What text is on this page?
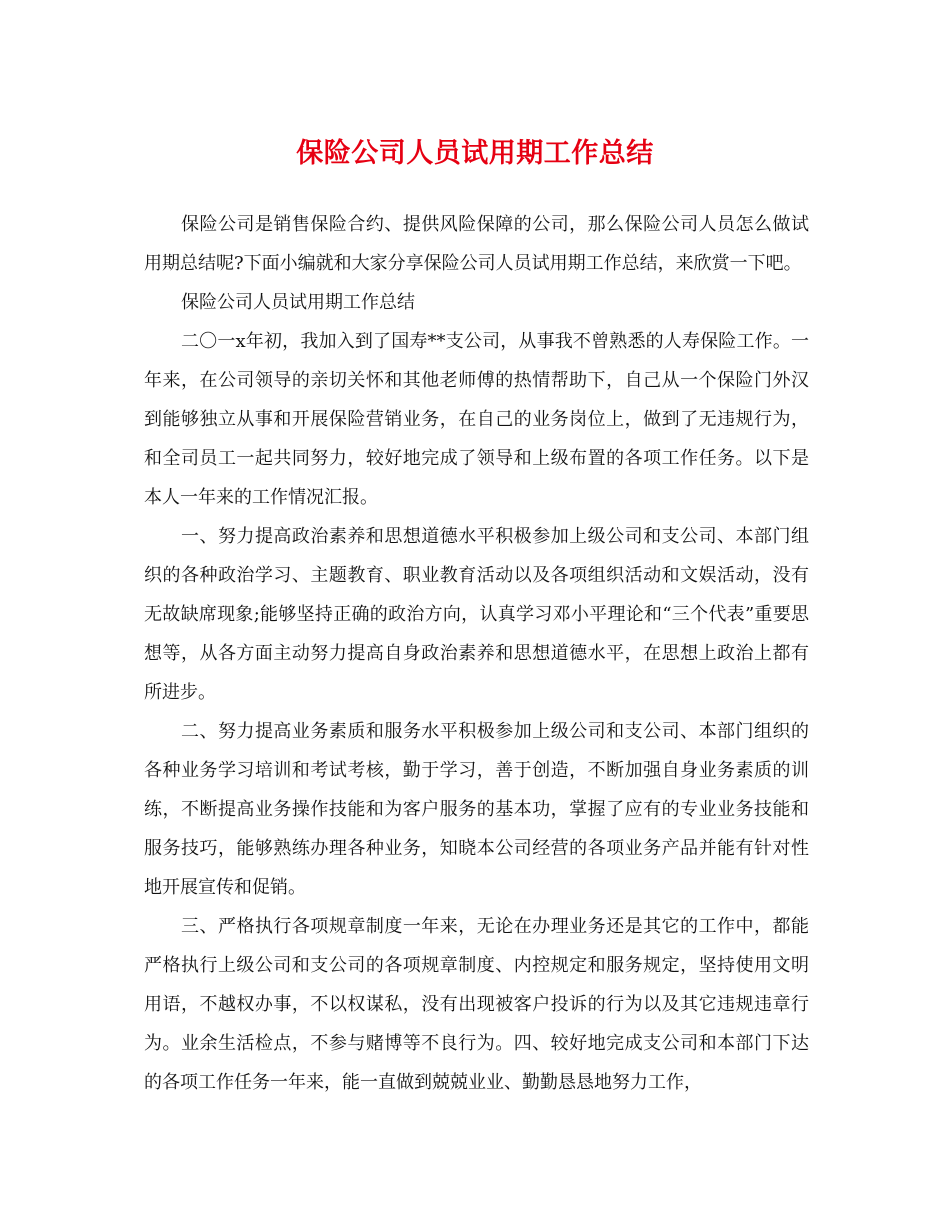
保险公司人员试用期工作总结

保险公司是销售保险合约、提供风险保障的公司，那么保险公司人员怎么做试用期总结呢?下面小编就和大家分享保险公司人员试用期工作总结，来欣赏一下吧。

保险公司人员试用期工作总结

二〇一x年初，我加入到了国寿**支公司，从事我不曾熟悉的人寿保险工作。一年来，在公司领导的亲切关怀和其他老师傅的热情帮助下，自己从一个保险门外汉到能够独立从事和开展保险营销业务，在自己的业务岗位上，做到了无违规行为，和全司员工一起共同努力，较好地完成了领导和上级布置的各项工作任务。以下是本人一年来的工作情况汇报。

一、努力提高政治素养和思想道德水平积极参加上级公司和支公司、本部门组织的各种政治学习、主题教育、职业教育活动以及各项组织活动和文娱活动，没有无故缺席现象;能够坚持正确的政治方向，认真学习邓小平理论和“三个代表”重要思想等，从各方面主动努力提高自身政治素养和思想道德水平，在思想上政治上都有所进步。

二、努力提高业务素质和服务水平积极参加上级公司和支公司、本部门组织的各种业务学习培训和考试考核，勤于学习，善于创造，不断加强自身业务素质的训练，不断提高业务操作技能和为客户服务的基本功，掌握了应有的专业业务技能和服务技巧，能够熟练办理各种业务，知晓本公司经营的各项业务产品并能有针对性地开展宣传和促销。

三、严格执行各项规章制度一年来，无论在办理业务还是其它的工作中，都能严格执行上级公司和支公司的各项规章制度、内控规定和服务规定，坚持使用文明用语，不越权办事，不以权谋私，没有出现被客户投诉的行为以及其它违规违章行为。业余生活检点，不参与赌博等不良行为。四、较好地完成支公司和本部门下达的各项工作任务一年来，能一直做到兢兢业业、勤勤恳恳地努力工作，
